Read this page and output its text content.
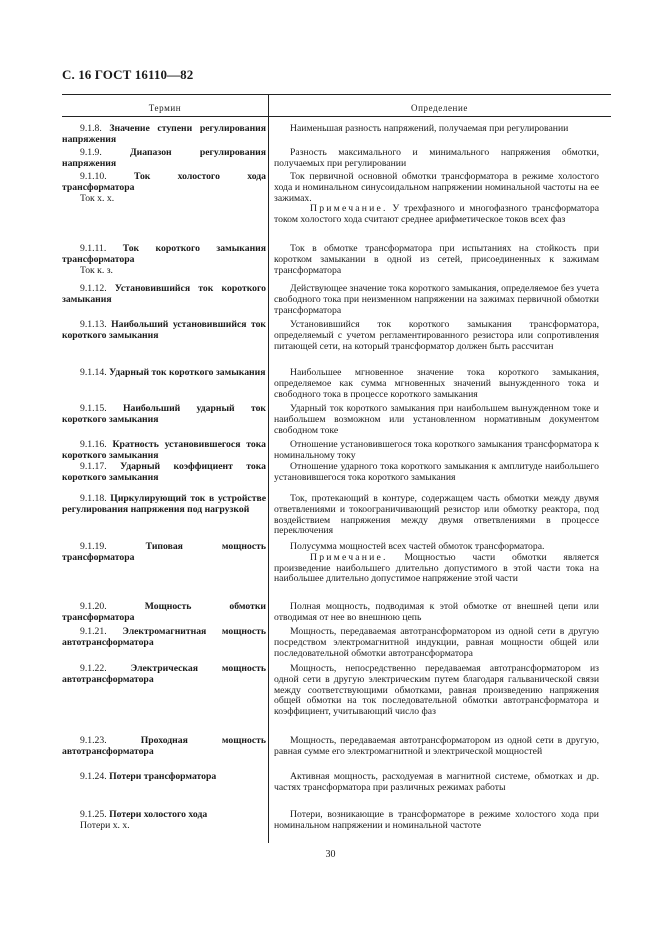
С. 16 ГОСТ 16110—82
Термин	Определение
9.1.8. Значение ступени регулирования напряжения
9.1.9. Диапазон регулирования напряжения
9.1.10. Ток холостого хода трансформатора
Ток х. х.
9.1.11. Ток короткого замыкания трансформатора
Ток к. з.
9.1.12. Установившийся ток короткого замыкания
9.1.13. Наибольший установившийся ток короткого замыкания
9.1.14. Ударный ток короткого замыкания
9.1.15. Наибольший ударный ток короткого замыкания
9.1.16. Кратность установившегося тока короткого замыкания
9.1.17. Ударный коэффициент тока короткого замыкания
9.1.18. Циркулирующий ток в устройстве регулирования напряжения под нагрузкой
9.1.19. Типовая мощность трансформатора
9.1.20. Мощность обмотки трансформатора
9.1.21. Электромагнитная мощность автотрансформатора
9.1.22. Электрическая мощность автотрансформатора
9.1.23. Проходная мощность автотрансформатора
9.1.24. Потери трансформатора
9.1.25. Потери холостого хода
Потери х. х.
Наименьшая разность напряжений, получаемая при регулировании
Разность максимального и минимального напряжения обмотки, получаемых при регулировании
Ток первичной основной обмотки трансформатора в режиме холостого хода и номинальном синусоидальном напряжении номинальной частоты на ее зажимах.
Примечание. У трехфазного и многофазного трансформатора током холостого хода считают среднее арифметическое токов всех фаз
Ток в обмотке трансформатора при испытаниях на стойкость при коротком замыкании в одной из сетей, присоединенных к зажимам трансформатора
Действующее значение тока короткого замыкания, определяемое без учета свободного тока при неизменном напряжении на зажимах первичной обмотки трансформатора
Установившийся ток короткого замыкания трансформатора, определяемый с учетом регламентированного резистора или сопротивления питающей сети, на который трансформатор должен быть рассчитан
Наибольшее мгновенное значение тока короткого замыкания, определяемое как сумма мгновенных значений вынужденного тока и свободного тока в процессе короткого замыкания
Ударный ток короткого замыкания при наибольшем вынужденном токе и наибольшем возможном или установленном нормативным документом свободном токе
Отношение установившегося тока короткого замыкания трансформатора к номинальному току
Отношение ударного тока короткого замыкания к амплитуде наибольшего установившегося тока короткого замыкания
Ток, протекающий в контуре, содержащем часть обмотки между двумя ответвлениями и токоограничивающий резистор или обмотку реактора, под воздействием напряжения между двумя ответвлениями в процессе переключения
Полусумма мощностей всех частей обмоток трансформатора.
Примечание. Мощностью части обмотки является произведение наибольшего длительно допустимого в этой части тока на наибольшее длительно допустимое напряжение этой части
Полная мощность, подводимая к этой обмотке от внешней цепи или отводимая от нее во внешнюю цепь
Мощность, передаваемая автотрансформатором из одной сети в другую посредством электромагнитной индукции, равная мощности общей или последовательной обмотки автотрансформатора
Мощность, непосредственно передаваемая автотрансформатором из одной сети в другую электрическим путем благодаря гальванической связи между соответствующими обмотками, равная произведению напряжения общей обмотки на ток последовательной обмотки автотрансформатора и коэффициент, учитывающий число фаз
Мощность, передаваемая автотрансформатором из одной сети в другую, равная сумме его электромагнитной и электрической мощностей
Активная мощность, расходуемая в магнитной системе, обмотках и др. частях трансформатора при различных режимах работы
Потери, возникающие в трансформаторе в режиме холостого хода при номинальном напряжении и номинальной частоте
30
